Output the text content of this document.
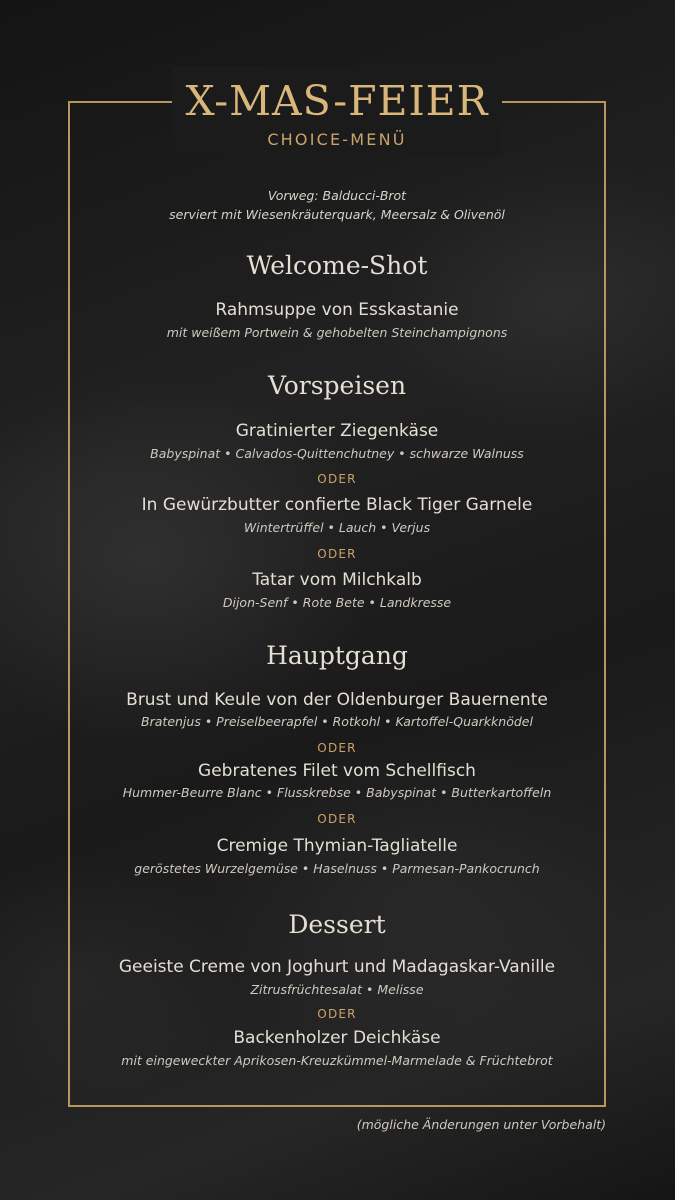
X-MAS-FEIER
CHOICE-MENÜ
Vorweg: Balducci-Brot
serviert mit Wiesenkräuterquark, Meersalz & Olivenöl
Welcome-Shot
Rahmsuppe von Esskastanie
mit weißem Portwein & gehobelten Steinchampignons
Vorspeisen
Gratinierter Ziegenkäse
Babyspinat • Calvados-Quittenchutney • schwarze Walnuss
ODER
In Gewürzbutter confierte Black Tiger Garnele
Wintertrüffel • Lauch • Verjus
ODER
Tatar vom Milchkalb
Dijon-Senf • Rote Bete • Landkresse
Hauptgang
Brust und Keule von der Oldenburger Bauernente
Bratenjus • Preiselbeerapfel • Rotkohl • Kartoffel-Quarkknödel
ODER
Gebratenes Filet vom Schellfisch
Hummer-Beurre Blanc • Flusskrebse • Babyspinat • Butterkartoffeln
ODER
Cremige Thymian-Tagliatelle
geröstetes Wurzelgemüse • Haselnuss • Parmesan-Pankocrunch
Dessert
Geeiste Creme von Joghurt und Madagaskar-Vanille
Zitrusfrüchtesalat • Melisse
ODER
Backenholzer Deichkäse
mit eingeweckter Aprikosen-Kreuzkümmel-Marmelade & Früchtebrot
(mögliche Änderungen unter Vorbehalt)
